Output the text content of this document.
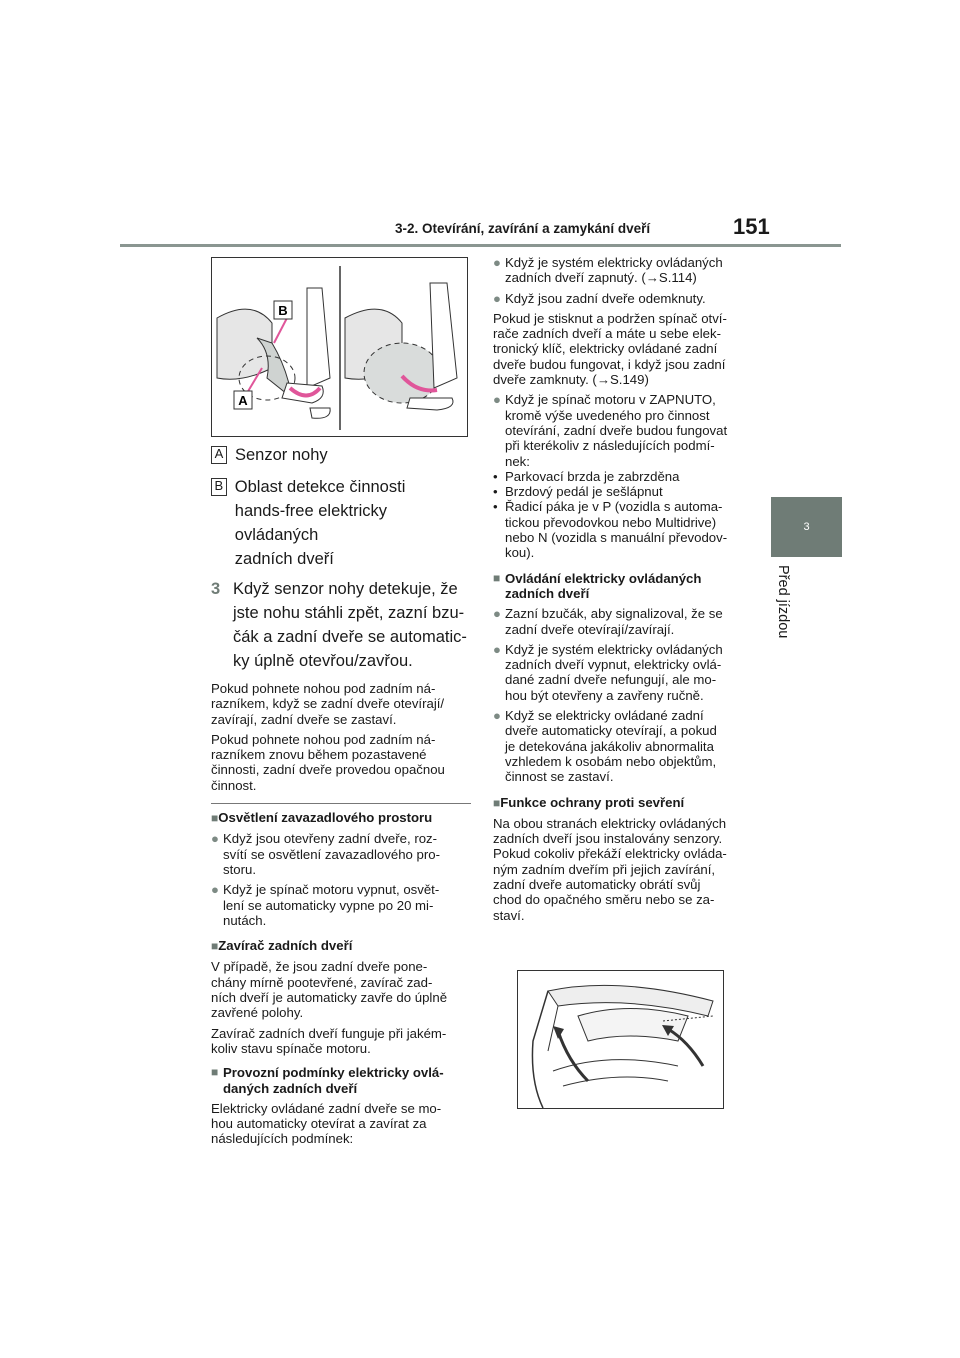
3-2. Otevírání, zavírání a zamykání dveří	151
3
Před jízdou
B
A
A Senzor nohy
B Oblast detekce činnosti
hands-free elektricky ovládaných
zadních dveří
3 Když senzor nohy detekuje, že
jste nohu stáhli zpět, zazní bzu-
čák a zadní dveře se automatic-
ky úplně otevřou/zavřou.

Pokud pohnete nohou pod zadním ná-
razníkem, když se zadní dveře otevírají/
zavírají, zadní dveře se zastaví.

Pokud pohnete nohou pod zadním ná-
razníkem znovu během pozastavené
činnosti, zadní dveře provedou opačnou
činnost.

■Osvětlení zavazadlového prostoru

● Když jsou otevřeny zadní dveře, roz-
svítí se osvětlení zavazadlového pro-
storu.
● Když je spínač motoru vypnut, osvět-
lení se automaticky vypne po 20 mi-
nutách.

■Zavírač zadních dveří

V případě, že jsou zadní dveře pone-
chány mírně pootevřené, zavírač zad-
ních dveří je automaticky zavře do úplně
zavřené polohy.

Zavírač zadních dveří funguje při jakém-
koliv stavu spínače motoru.

■ Provozní podmínky elektricky ovlá-
daných zadních dveří

Elektricky ovládané zadní dveře se mo-
hou automaticky otevírat a zavírat za
následujících podmínek:

● Když je systém elektricky ovládaných
zadních dveří zapnutý. (→S.114)
● Když jsou zadní dveře odemknuty.

Pokud je stisknut a podržen spínač otví-
rače zadních dveří a máte u sebe elek-
tronický klíč, elektricky ovládané zadní
dveře budou fungovat, i když jsou zadní
dveře zamknuty. (→S.149)

● Když je spínač motoru v ZAPNUTO,
kromě výše uvedeného pro činnost
otevírání, zadní dveře budou fungovat
při kterékoliv z následujících podmí-
nek:
• Parkovací brzda je zabrzděna
• Brzdový pedál je sešlápnut
• Řadicí páka je v P (vozidla s automa-
tickou převodovkou nebo Multidrive)
nebo N (vozidla s manuální převodov-
kou).
■ Ovládání elektricky ovládaných
zadních dveří
● Zazní bzučák, aby signalizoval, že se
zadní dveře otevírají/zavírají.
● Když je systém elektricky ovládaných
zadních dveří vypnut, elektricky ovlá-
dané zadní dveře nefungují, ale mo-
hou být otevřeny a zavřeny ručně.
● Když se elektricky ovládané zadní
dveře automaticky otevírají, a pokud
je detekována jakákoliv abnormalita
vzhledem k osobám nebo objektům,
činnost se zastaví.

■Funkce ochrany proti sevření

Na obou stranách elektricky ovládaných
zadních dveří jsou instalovány senzory.
Pokud cokoliv překáží elektricky ovláda-
ným zadním dveřím při jejich zavírání,
zadní dveře automaticky obrátí svůj
chod do opačného směru nebo se za-
staví.
